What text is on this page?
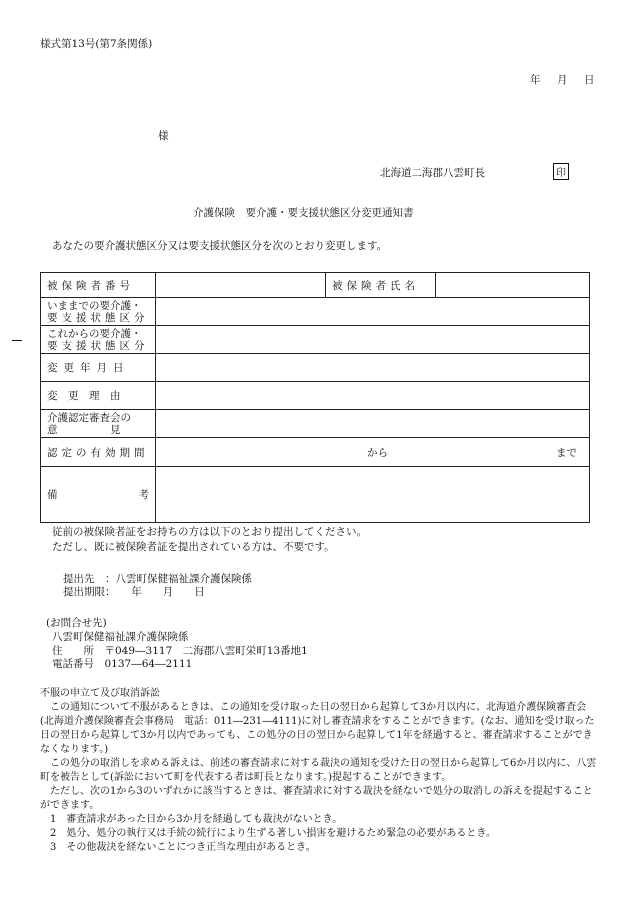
様式第13号(第7条関係)
年　月　日
様
北海道二海郡八雲町長	印
介護保険　要介護・要支援状態区分変更通知書
あなたの要介護状態区分又は要支援状態区分を次のとおり変更します。
被保険者番号		被保険者氏名	

いままでの要介護・
要支援状態区分			

これからの要介護・
要支援状態区分			

変更年月日			
変　更　理　由			

介護認定審査会の
意　　　　　見			

認定の有効期間	から まで		

備 考			

従前の被保険者証をお持ちの方は以下のとおり提出してください。
ただし、既に被保険者証を提出されている方は、不要です。
提出先　：八雲町保健福祉課介護保険係
提出期限：　　年　　月　　日
(お問合せ先)
八雲町保健福祉課介護保険係
住　　所　〒049―3117　二海郡八雲町栄町13番地1
電話番号　0137―64―2111
不服の申立て及び取消訴訟
この通知について不服があるときは、この通知を受け取った日の翌日から起算して3か月以内に、北海道介護保険審査会(北海道介護保険審査会事務局　電話：011―231―4111)に対し審査請求をすることができます。(なお、通知を受け取った日の翌日から起算して3か月以内であっても、この処分の日の翌日から起算して1年を経過すると、審査請求することができなくなります。)
この処分の取消しを求める訴えは、前述の審査請求に対する裁決の通知を受けた日の翌日から起算して6か月以内に、八雲町を被告として(訴訟において町を代表する者は町長となります。)提起することができます。
ただし、次の1から3のいずれかに該当するときは、審査請求に対する裁決を経ないで処分の取消しの訴えを提起することができます。
1　審査請求があった日から3か月を経過しても裁決がないとき。
2　処分、処分の執行又は手続の続行により生ずる著しい損害を避けるため緊急の必要があるとき。
3　その他裁決を経ないことにつき正当な理由があるとき。
